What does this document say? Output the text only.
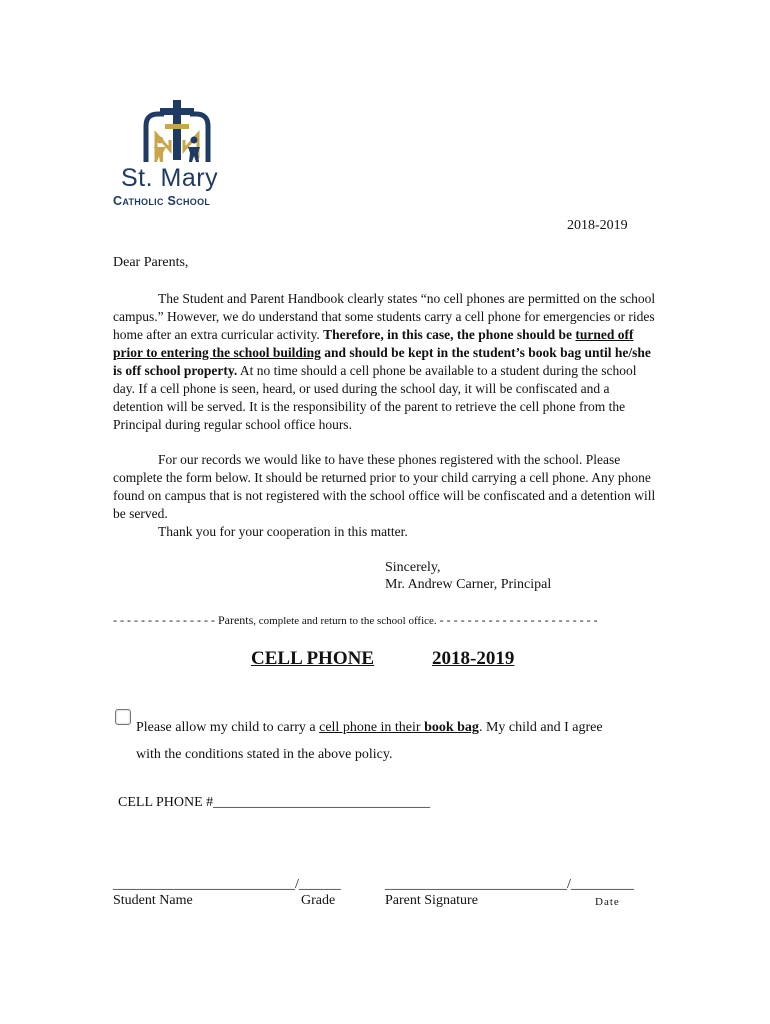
St. Mary
Catholic School
2018-2019
Dear Parents,
The Student and Parent Handbook clearly states “no cell phones are permitted on the school campus.” However, we do understand that some students carry a cell phone for emergencies or rides home after an extra curricular activity. Therefore, in this case, the phone should be turned off prior to entering the school building and should be kept in the student’s book bag until he/she is off school property. At no time should a cell phone be available to a student during the school day. If a cell phone is seen, heard, or used during the school day, it will be confiscated and a detention will be served. It is the responsibility of the parent to retrieve the cell phone from the Principal during regular school office hours.
For our records we would like to have these phones registered with the school. Please complete the form below. It should be returned prior to your child carrying a cell phone. Any phone found on campus that is not registered with the school office will be confiscated and a detention will be served.
Thank you for your cooperation in this matter.
Sincerely,
Mr. Andrew Carner, Principal
- - - - - - - - - - - - - - - Parents, complete and return to the school office. - - - - - - - - - - - - - - - - - - - - - - -
CELL PHONE	2018-2019
Please allow my child to carry a cell phone in their book bag. My child and I agree
with the conditions stated in the above policy.
CELL PHONE #_______________________________
__________________________/______	__________________________/_________
Student Name	Grade	Parent Signature	Date
